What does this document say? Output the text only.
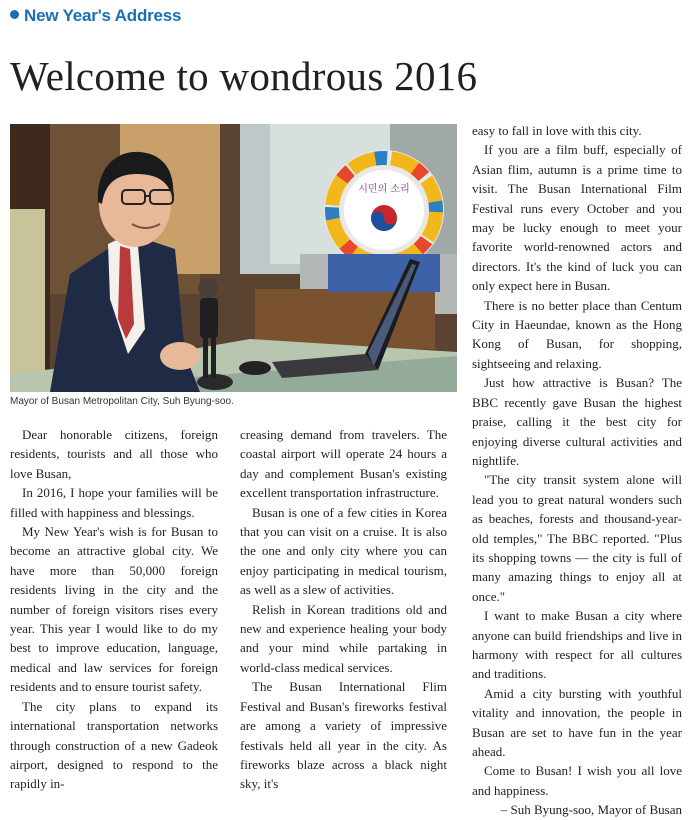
New Year's Address
Welcome to wondrous 2016
시민의 소리
Mayor of Busan Metropolitan City, Suh Byung-soo.

Dear honorable citizens, foreign residents, tourists and all those who love Busan,

In 2016, I hope your families will be filled with happiness and blessings.

My New Year's wish is for Busan to become an attractive global city. We have more than 50,000 foreign residents living in the city and the number of foreign visitors rises every year. This year I would like to do my best to improve education, language, medical and law services for foreign residents and to ensure tourist safety.

The city plans to expand its international transportation networks through construction of a new Gadeok airport, designed to respond to the rapidly in-

creasing demand from travelers. The coastal airport will operate 24 hours a day and complement Busan's existing excellent transportation infrastructure.

Busan is one of a few cities in Korea that you can visit on a cruise. It is also the one and only city where you can enjoy participating in medical tourism, as well as a slew of activities.

Relish in Korean traditions old and new and experience healing your body and your mind while partaking in world-class medical services.

The Busan International Flim Festival and Busan's fireworks festival are among a variety of impressive festivals held all year in the city. As fireworks blaze across a black night sky, it's

easy to fall in love with this city.

If you are a film buff, especially of Asian flim, autumn is a prime time to visit. The Busan International Film Festival runs every October and you may be lucky enough to meet your favorite world-renowned actors and directors. It's the kind of luck you can only expect here in Busan.

There is no better place than Centum City in Haeundae, known as the Hong Kong of Busan, for shopping, sightseeing and relaxing.

Just how attractive is Busan? The BBC recently gave Busan the highest praise, calling it the best city for enjoying diverse cultural activities and nightlife.

"The city transit system alone will lead you to great natural wonders such as beaches, forests and thousand-year-old temples," The BBC reported. "Plus its shopping towns — the city is full of many amazing things to enjoy all at once."

I want to make Busan a city where anyone can build friendships and live in harmony with respect for all cultures and traditions.

Amid a city bursting with youthful vitality and innovation, the people in Busan are set to have fun in the year ahead.

Come to Busan! I wish you all love and happiness.

– Suh Byung-soo, Mayor of Busan
